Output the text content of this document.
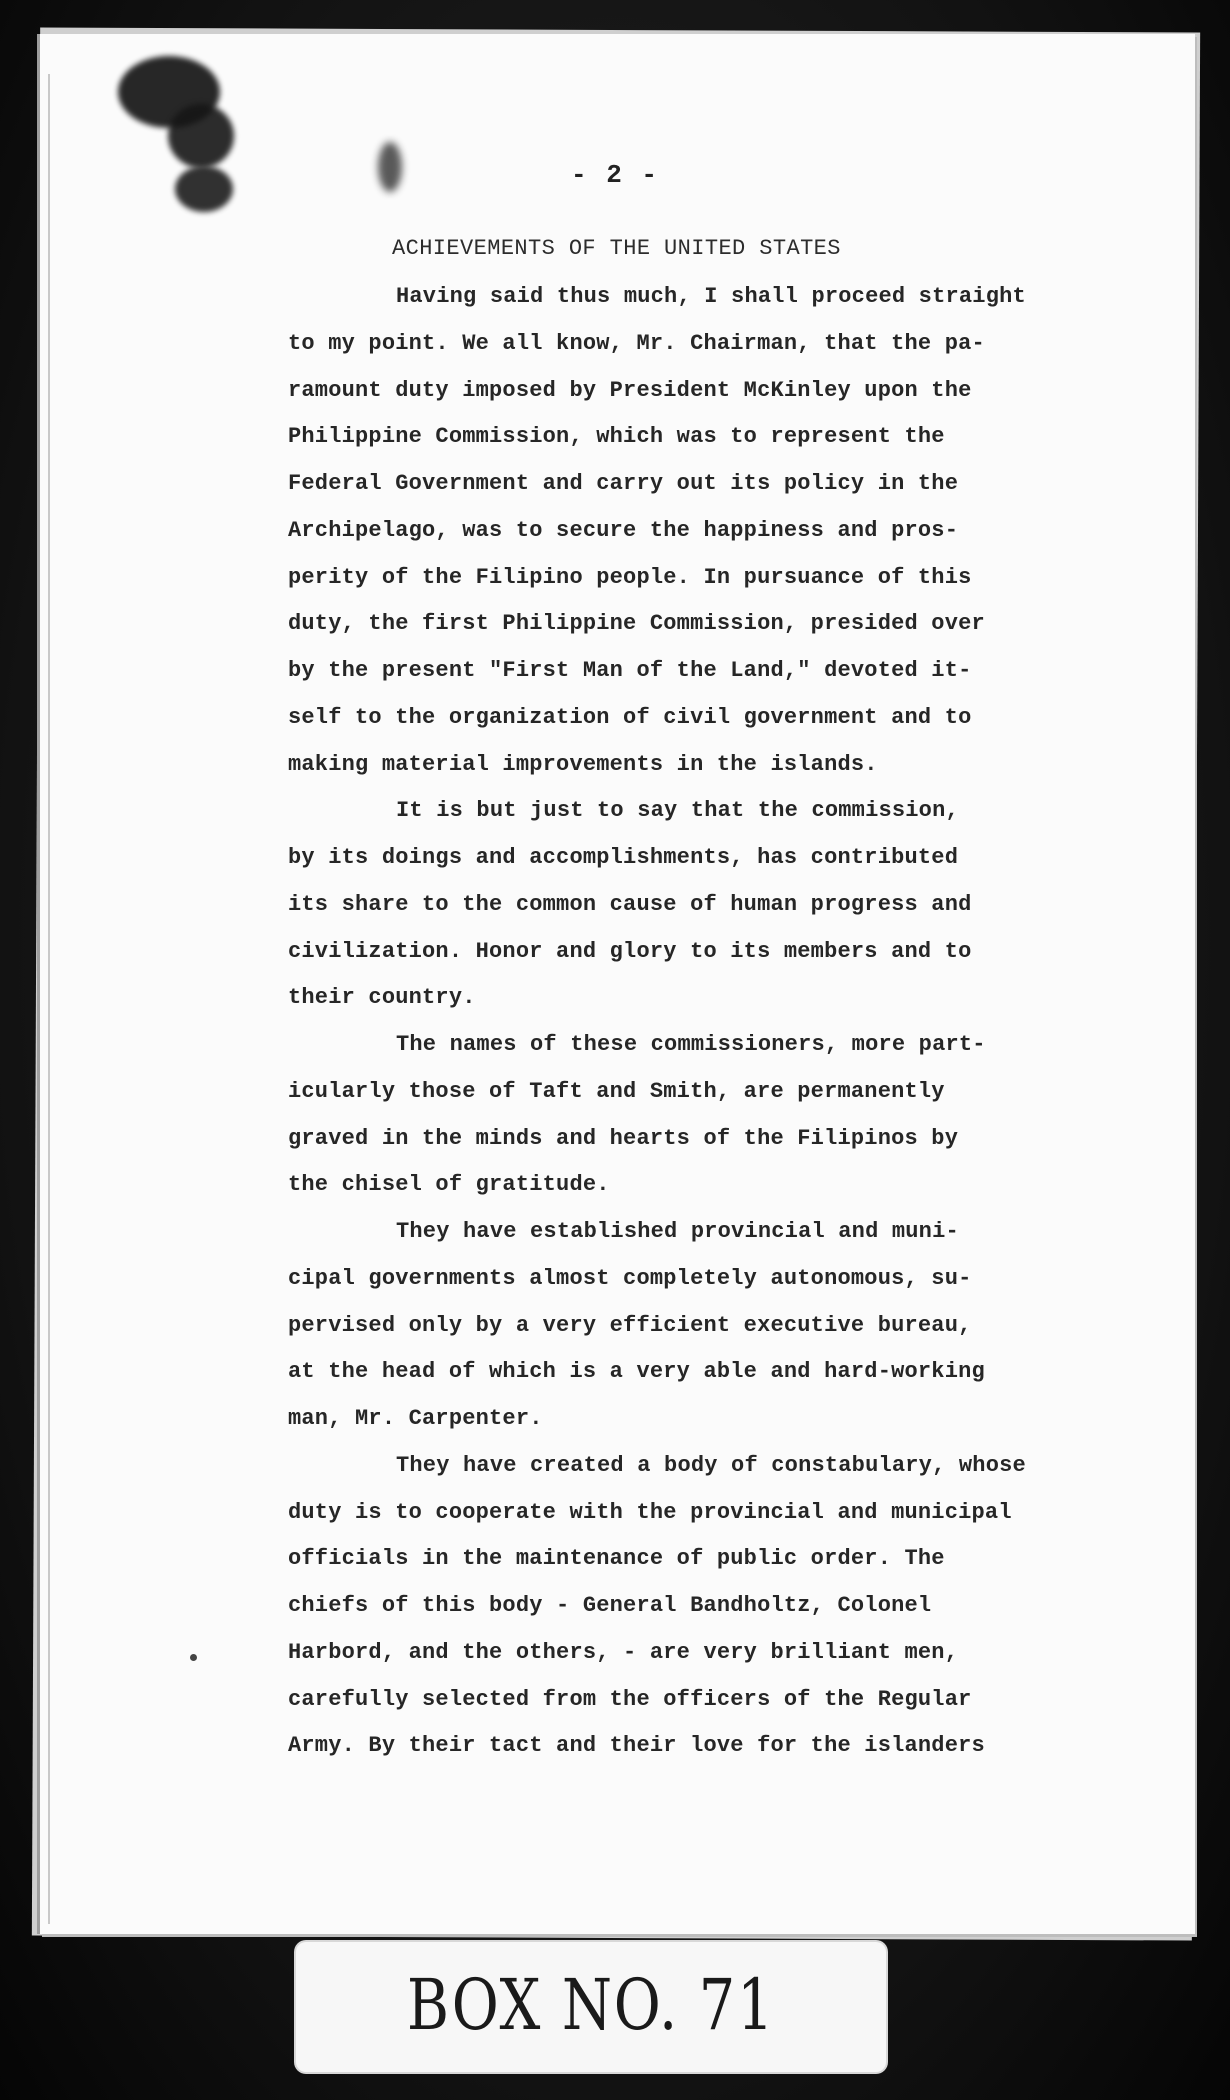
- 2 -
ACHIEVEMENTS OF THE UNITED STATES
Having said thus much, I shall proceed straight
to my point. We all know, Mr. Chairman, that the pa-
ramount duty imposed by President McKinley upon the
Philippine Commission, which was to represent the
Federal Government and carry out its policy in the
Archipelago, was to secure the happiness and pros-
perity of the Filipino people. In pursuance of this
duty, the first Philippine Commission, presided over
by the present "First Man of the Land," devoted it-
self to the organization of civil government and to
making material improvements in the islands.
It is but just to say that the commission,
by its doings and accomplishments, has contributed
its share to the common cause of human progress and
civilization. Honor and glory to its members and to
their country.
The names of these commissioners, more part-
icularly those of Taft and Smith, are permanently
graved in the minds and hearts of the Filipinos by
the chisel of gratitude.
They have established provincial and muni-
cipal governments almost completely autonomous, su-
pervised only by a very efficient executive bureau,
at the head of which is a very able and hard-working
man, Mr. Carpenter.
They have created a body of constabulary, whose
duty is to cooperate with the provincial and municipal
officials in the maintenance of public order. The
chiefs of this body - General Bandholtz, Colonel
Harbord, and the others, - are very brilliant men,
carefully selected from the officers of the Regular
Army. By their tact and their love for the islanders
BOX NO. 71
